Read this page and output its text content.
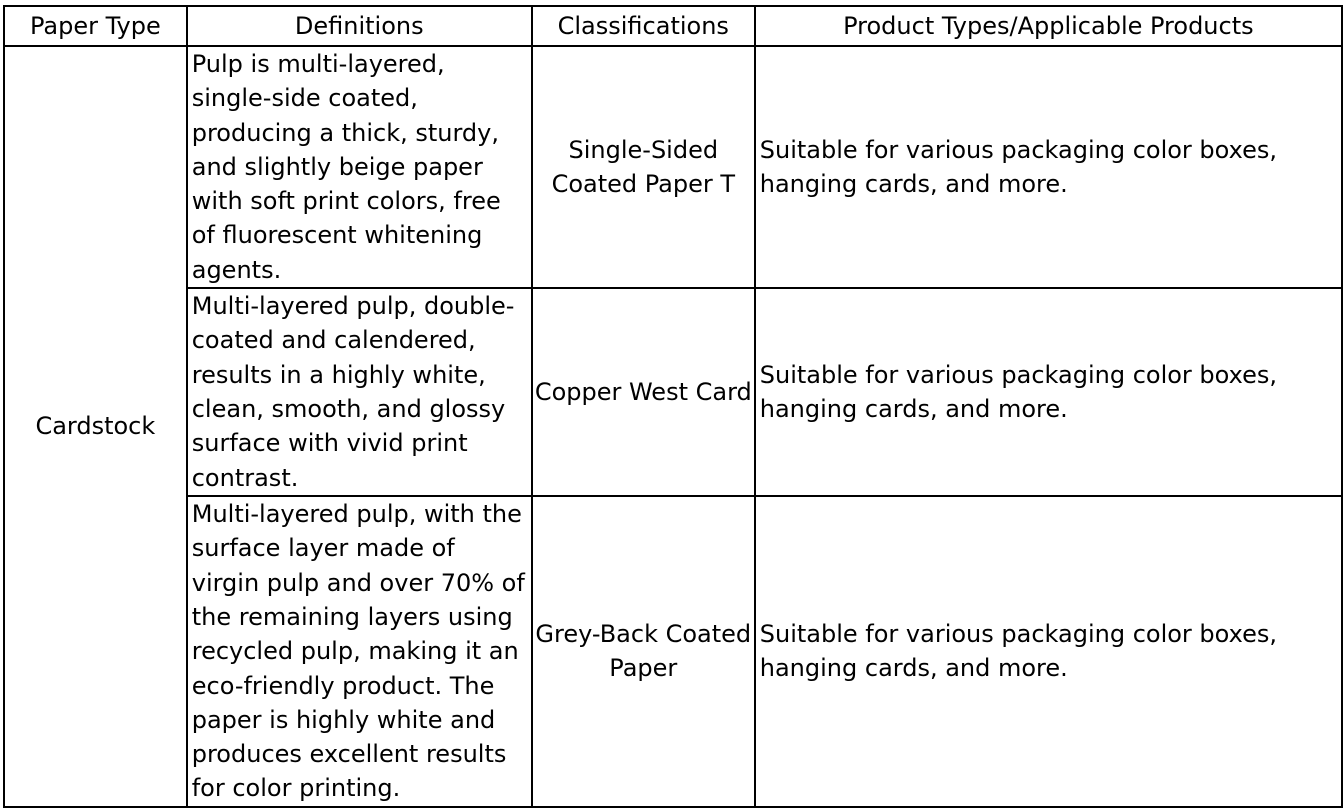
Paper Type	Definitions	Classifications	Product Types/Applicable Products
Cardstock	Pulp is multi-layered, single-side coated, producing a thick, sturdy, and slightly beige paper with soft print colors, free of fluorescent whitening agents.	Single-Sided Coated Paper T	Suitable for various packaging color boxes, hanging cards, and more.
	Multi-layered pulp, double-coated and calendered, results in a highly white, clean, smooth, and glossy surface with vivid print contrast.	Copper West Card	Suitable for various packaging color boxes, hanging cards, and more.
	Multi-layered pulp, with the surface layer made of virgin pulp and over 70% of the remaining layers using recycled pulp, making it an eco-friendly product. The paper is highly white and produces excellent results for color printing.	Grey-Back Coated Paper	Suitable for various packaging color boxes, hanging cards, and more.
